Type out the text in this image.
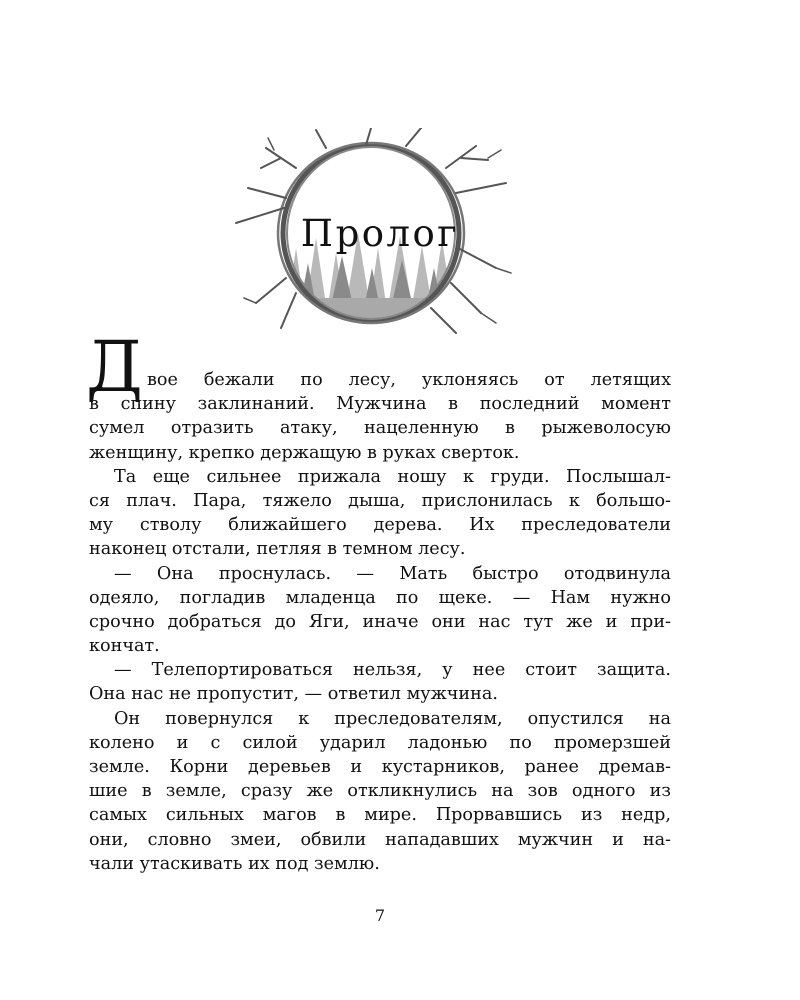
Пролог
Д вое бежали по лесу, уклоняясь от летящих
в спину заклинаний. Мужчина в последний момент
сумел отразить атаку, нацеленную в рыжеволосую
женщину, крепко держащую в руках сверток.
Та еще сильнее прижала ношу к груди. Послышал-
ся плач. Пара, тяжело дыша, прислонилась к большо-
му стволу ближайшего дерева. Их преследователи
наконец отстали, петляя в темном лесу.
— Она проснулась. — Мать быстро отодвинула
одеяло, погладив младенца по щеке. — Нам нужно
срочно добраться до Яги, иначе они нас тут же и при-
кончат.
— Телепортироваться нельзя, у нее стоит защита.
Она нас не пропустит, — ответил мужчина.
Он повернулся к преследователям, опустился на
колено и с силой ударил ладонью по промерзшей
земле. Корни деревьев и кустарников, ранее дремав-
шие в земле, сразу же откликнулись на зов одного из
самых сильных магов в мире. Прорвавшись из недр,
они, словно змеи, обвили нападавших мужчин и на-
чали утаскивать их под землю.
7
